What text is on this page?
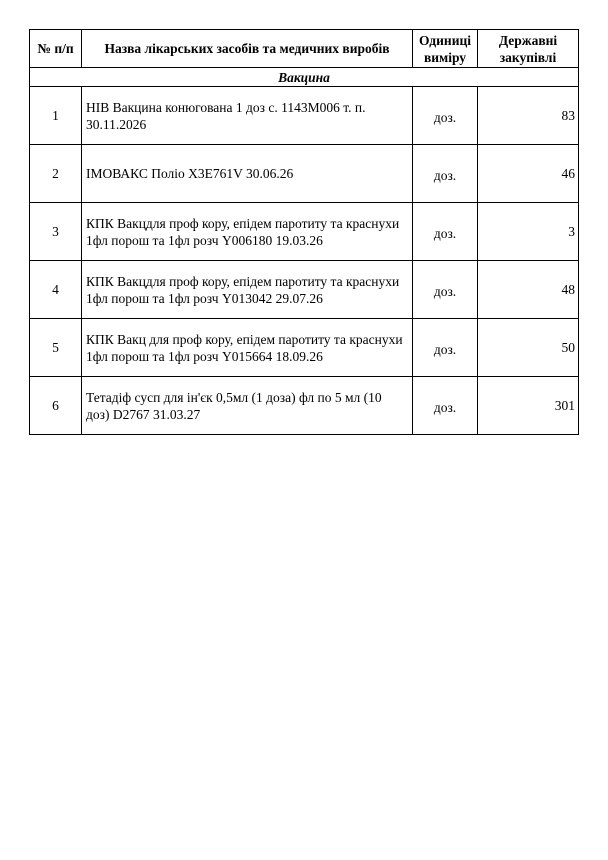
№ п/п	Назва лікарських засобів та медичних виробів	Одиниці виміру	Державні закупівлі
Вакцина			
1	HIB Вакцина конюгована 1 доз с. 1143M006 т. п. 30.11.2026	доз.	83
2	ІМОВАКС Поліо X3E761V 30.06.26	доз.	46
3	КПК Вакцдля проф кору, епідем паротиту та краснухи 1фл порош та 1фл розч Y006180 19.03.26	доз.	3
4	КПК Вакцдля проф кору, епідем паротиту та краснухи 1фл порош та 1фл розч Y013042 29.07.26	доз.	48
5	КПК Вакц для проф кору, епідем паротиту та краснухи 1фл порош та 1фл розч Y015664 18.09.26	доз.	50
6	Тетадіф сусп для ін'єк 0,5мл (1 доза) фл по 5 мл (10 доз) D2767 31.03.27	доз.	301
